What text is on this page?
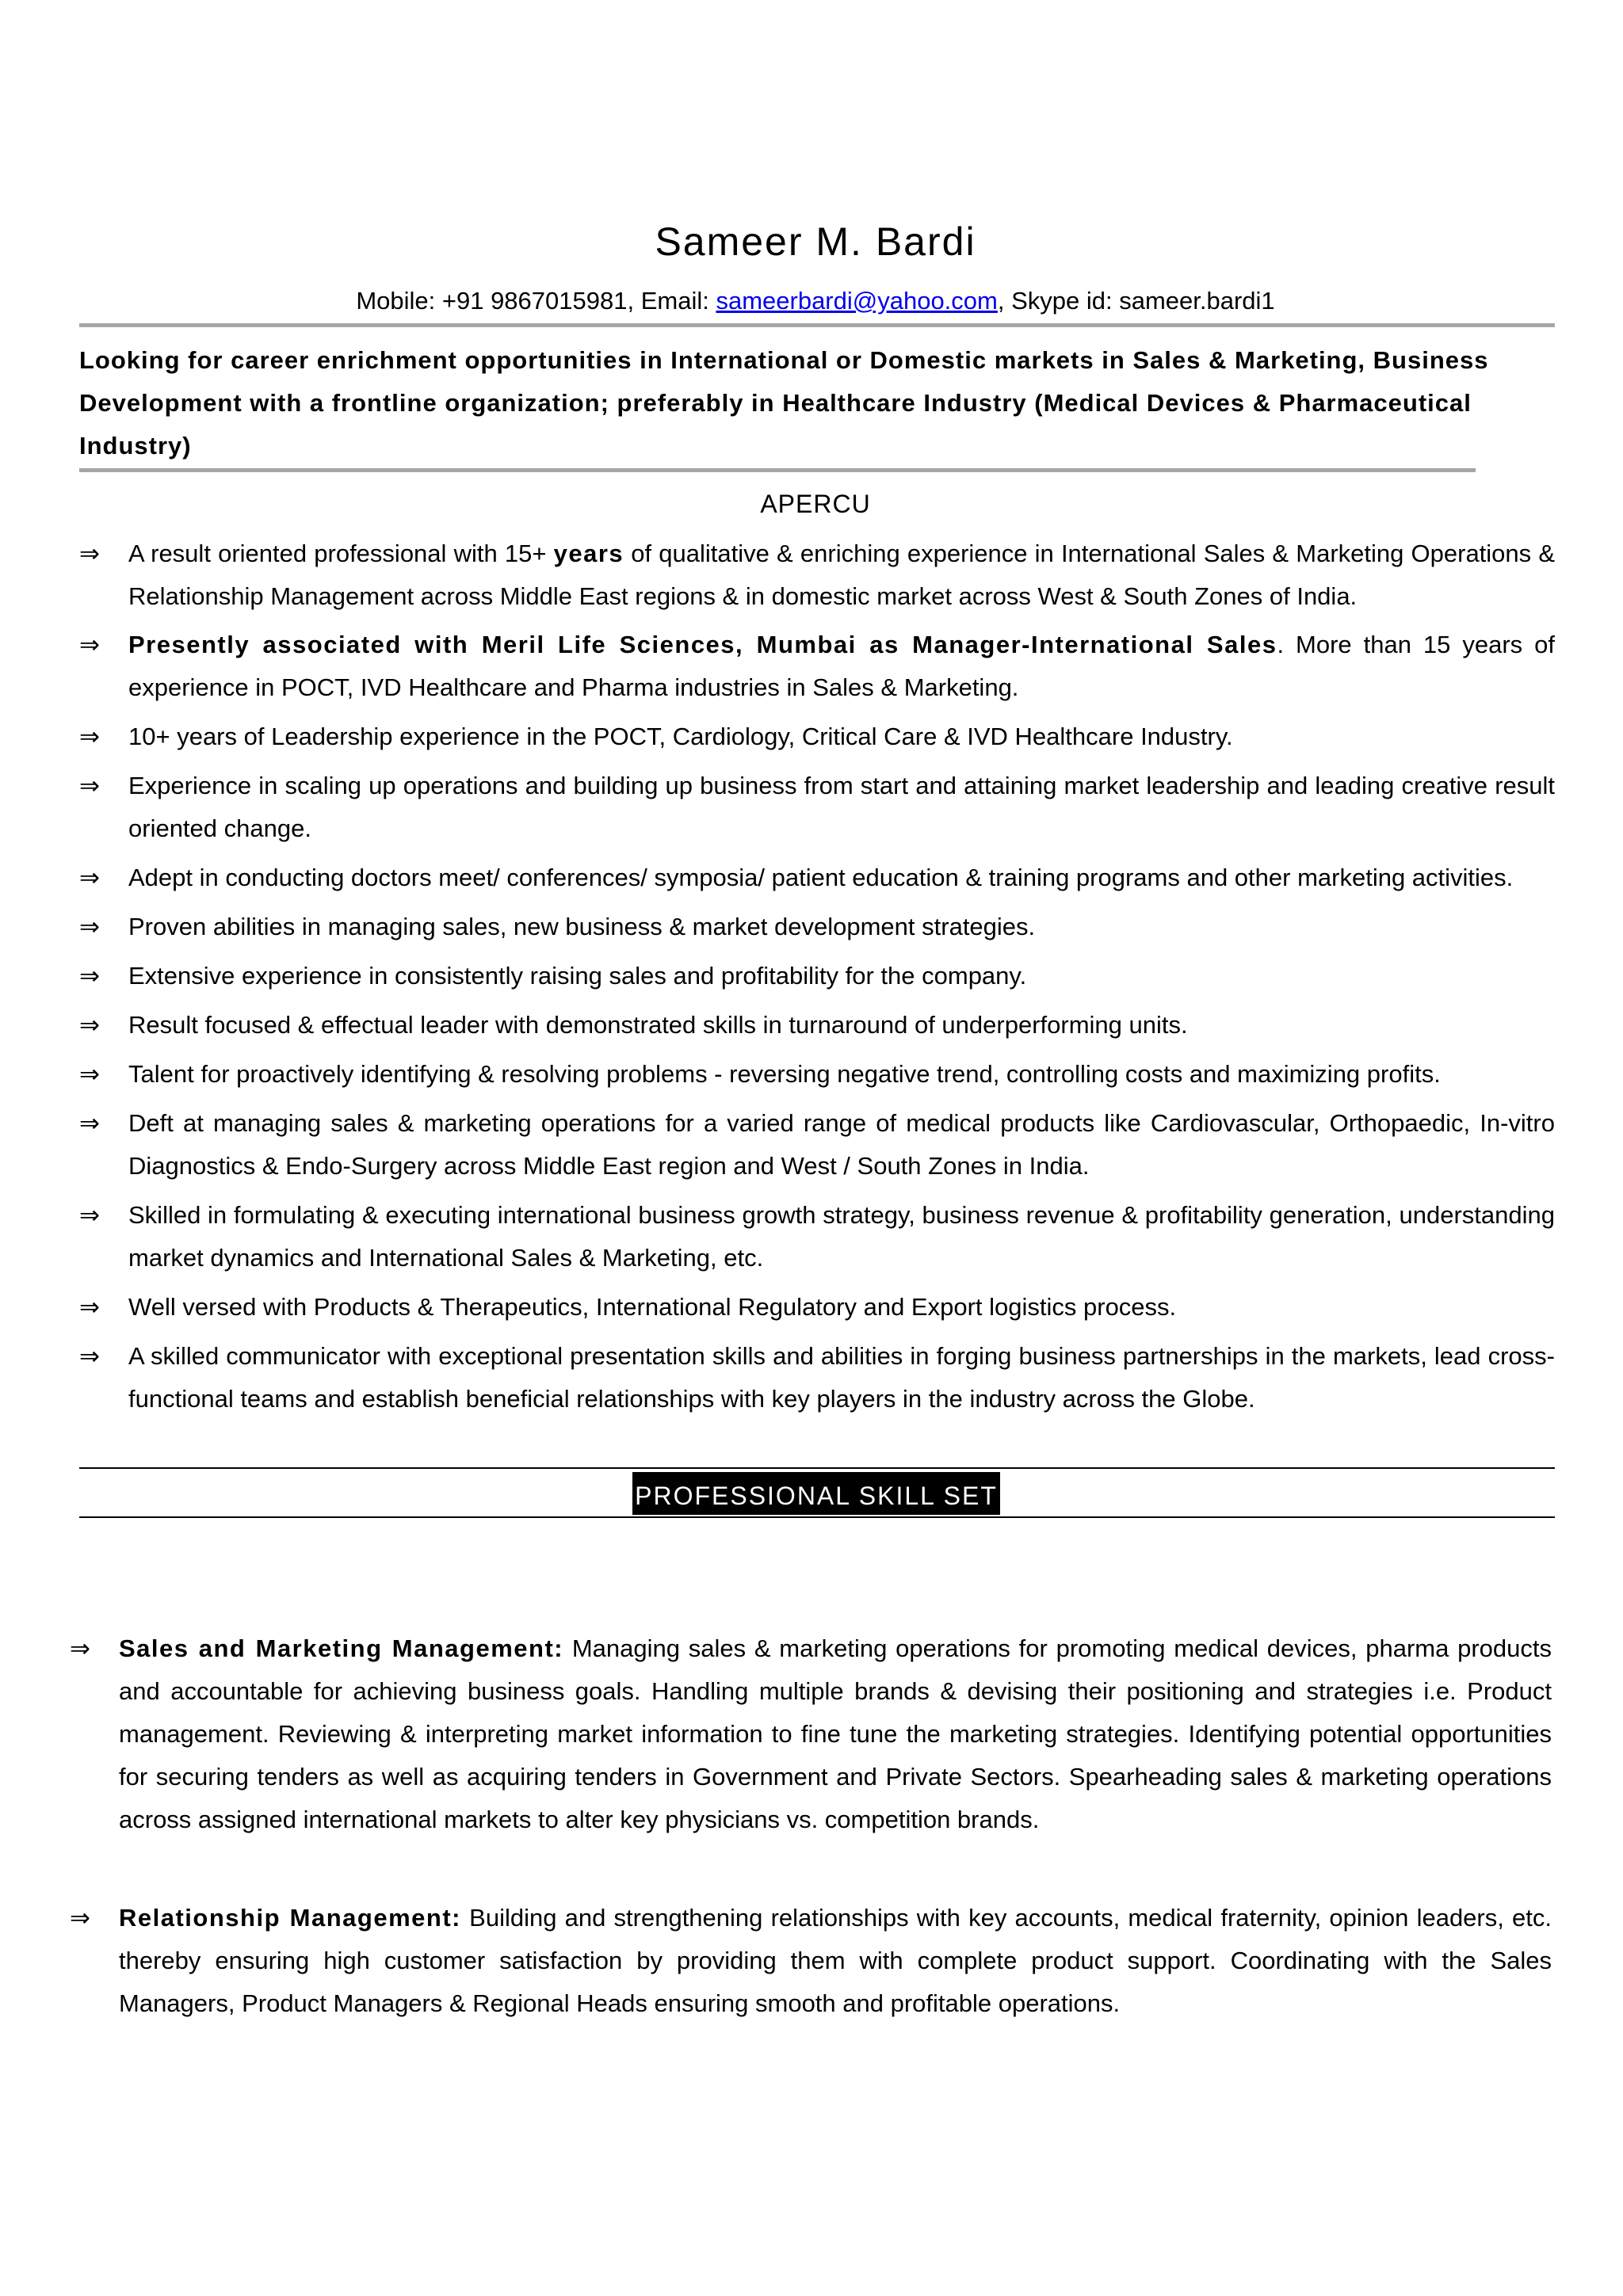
Sameer M. Bardi
Mobile: +91 9867015981, Email: sameerbardi@yahoo.com, Skype id: sameer.bardi1
Looking for career enrichment opportunities in International or Domestic markets in Sales & Marketing, Business Development with a frontline organization; preferably in Healthcare Industry (Medical Devices & Pharmaceutical Industry)
APERCU
⇒ A result oriented professional with 15+ years of qualitative & enriching experience in International Sales & Marketing Operations & Relationship Management across Middle East regions & in domestic market across West & South Zones of India.
⇒ Presently associated with Meril Life Sciences, Mumbai as Manager-International Sales. More than 15 years of experience in POCT, IVD Healthcare and Pharma industries in Sales & Marketing.
⇒ 10+ years of Leadership experience in the POCT, Cardiology, Critical Care & IVD Healthcare Industry.
⇒ Experience in scaling up operations and building up business from start and attaining market leadership and leading creative result oriented change.
⇒ Adept in conducting doctors meet/ conferences/ symposia/ patient education & training programs and other marketing activities.
⇒ Proven abilities in managing sales, new business & market development strategies.
⇒ Extensive experience in consistently raising sales and profitability for the company.
⇒ Result focused & effectual leader with demonstrated skills in turnaround of underperforming units.
⇒ Talent for proactively identifying & resolving problems - reversing negative trend, controlling costs and maximizing profits.
⇒ Deft at managing sales & marketing operations for a varied range of medical products like Cardiovascular, Orthopaedic, In-vitro Diagnostics & Endo-Surgery across Middle East region and West / South Zones in India.
⇒ Skilled in formulating & executing international business growth strategy, business revenue & profitability generation, understanding market dynamics and International Sales & Marketing, etc.
⇒ Well versed with Products & Therapeutics, International Regulatory and Export logistics process.
⇒ A skilled communicator with exceptional presentation skills and abilities in forging business partnerships in the markets, lead cross-functional teams and establish beneficial relationships with key players in the industry across the Globe.
PROFESSIONAL SKILL SET
⇒ Sales and Marketing Management: Managing sales & marketing operations for promoting medical devices, pharma products and accountable for achieving business goals. Handling multiple brands & devising their positioning and strategies i.e. Product management. Reviewing & interpreting market information to fine tune the marketing strategies. Identifying potential opportunities for securing tenders as well as acquiring tenders in Government and Private Sectors. Spearheading sales & marketing operations across assigned international markets to alter key physicians vs. competition brands.
⇒ Relationship Management: Building and strengthening relationships with key accounts, medical fraternity, opinion leaders, etc. thereby ensuring high customer satisfaction by providing them with complete product support. Coordinating with the Sales Managers, Product Managers & Regional Heads ensuring smooth and profitable operations.
